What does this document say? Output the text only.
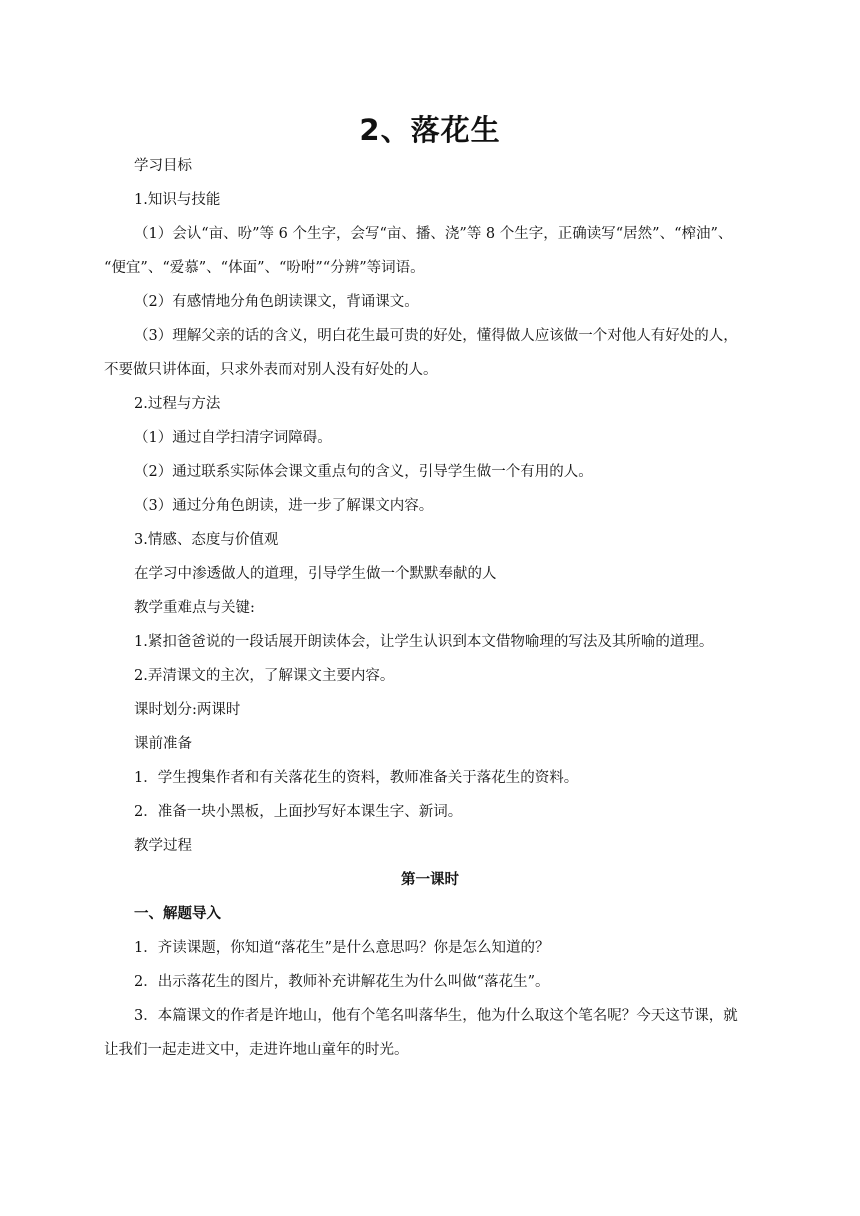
2、落花生
学习目标
1.知识与技能
（1）会认“亩、吩”等 6 个生字，会写“亩、播、浇”等 8 个生字，正确读写“居然”、“榨油”、
“便宜”、“爱慕”、“体面”、“吩咐”“分辨”等词语。
（2）有感情地分角色朗读课文，背诵课文。
（3）理解父亲的话的含义，明白花生最可贵的好处，懂得做人应该做一个对他人有好处的人，
不要做只讲体面，只求外表而对别人没有好处的人。
2.过程与方法
（1）通过自学扫清字词障碍。
（2）通过联系实际体会课文重点句的含义，引导学生做一个有用的人。
（3）通过分角色朗读，进一步了解课文内容。
3.情感、态度与价值观
在学习中渗透做人的道理，引导学生做一个默默奉献的人
教学重难点与关键:
1.紧扣爸爸说的一段话展开朗读体会，让学生认识到本文借物喻理的写法及其所喻的道理。
2.弄清课文的主次，了解课文主要内容。
课时划分:两课时
课前准备
1．学生搜集作者和有关落花生的资料，教师准备关于落花生的资料。
2．准备一块小黑板，上面抄写好本课生字、新词。
教学过程
第一课时
一、解题导入
1．齐读课题，你知道“落花生”是什么意思吗？你是怎么知道的？
2．出示落花生的图片，教师补充讲解花生为什么叫做“落花生”。
3．本篇课文的作者是许地山，他有个笔名叫落华生，他为什么取这个笔名呢？今天这节课，就
让我们一起走进文中，走进许地山童年的时光。
